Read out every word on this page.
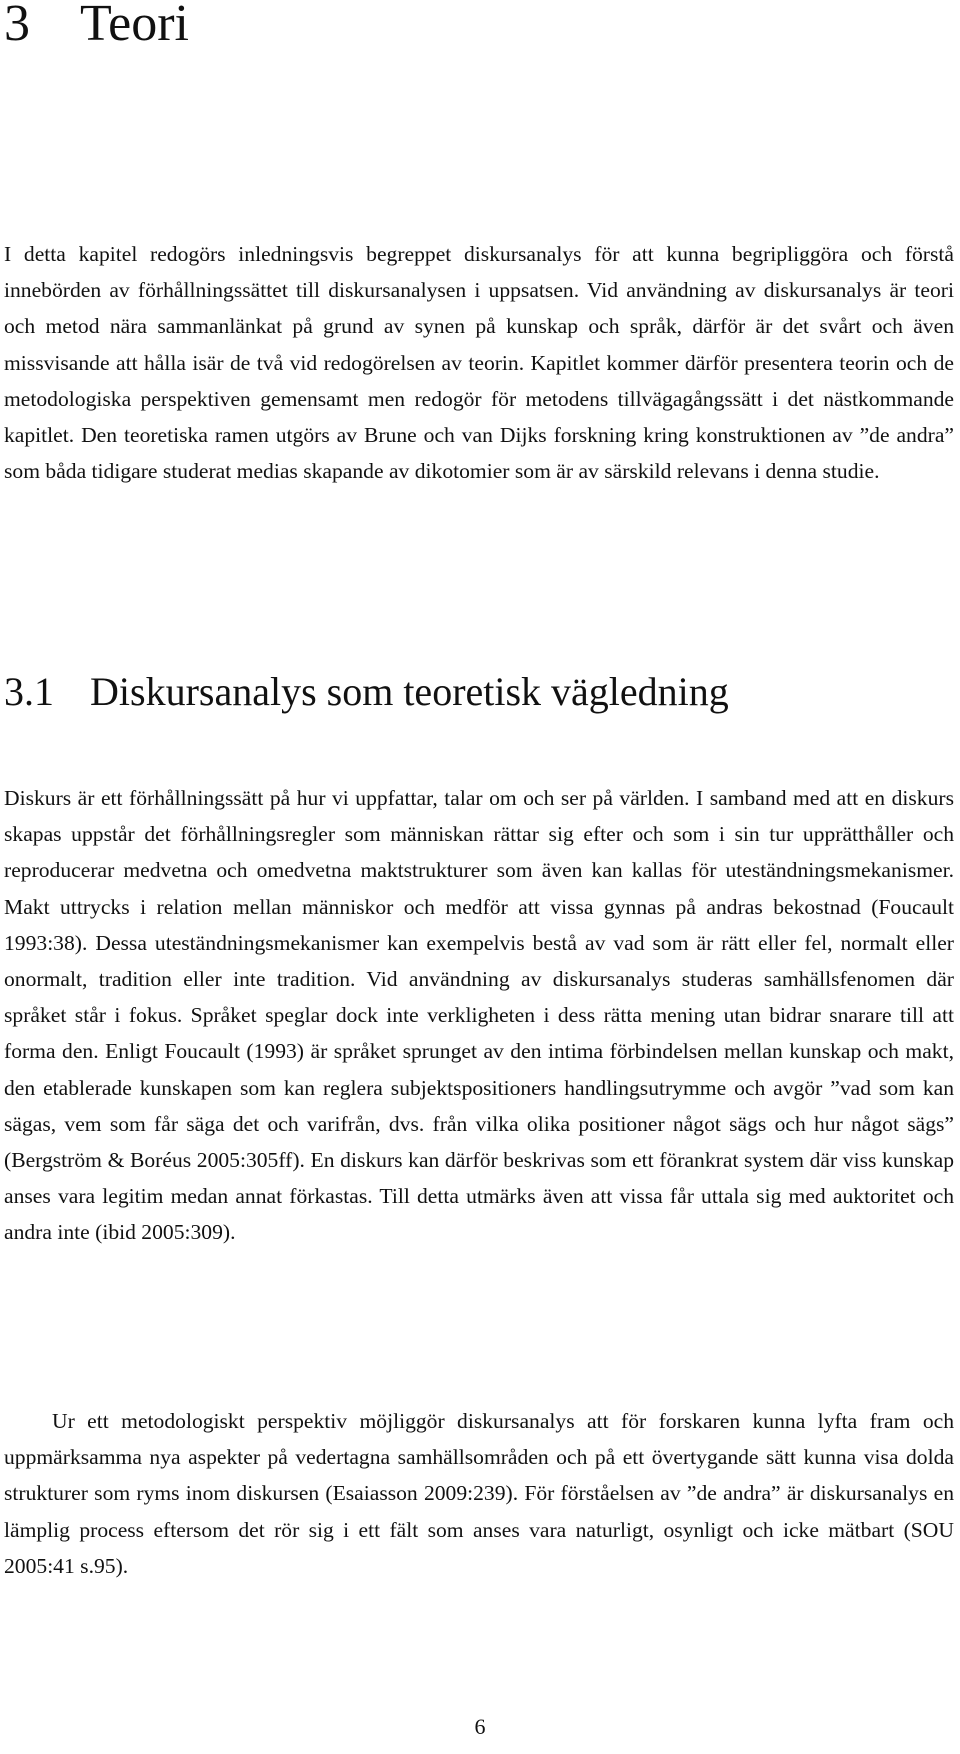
3 Teori

I detta kapitel redogörs inledningsvis begreppet diskursanalys för att kunna begripliggöra och förstå innebörden av förhållningssättet till diskursanalysen i uppsatsen. Vid användning av diskursanalys är teori och metod nära sammanlänkat på grund av synen på kunskap och språk, därför är det svårt och även missvisande att hålla isär de två vid redogörelsen av teorin. Kapitlet kommer därför presentera teorin och de metodologiska perspektiven gemensamt men redogör för metodens tillvägagångssätt i det nästkommande kapitlet. Den teoretiska ramen utgörs av Brune och van Dijks forskning kring konstruktionen av ”de andra” som båda tidigare studerat medias skapande av dikotomier som är av särskild relevans i denna studie.

3.1 Diskursanalys som teoretisk vägledning

Diskurs är ett förhållningssätt på hur vi uppfattar, talar om och ser på världen. I samband med att en diskurs skapas uppstår det förhållningsregler som människan rättar sig efter och som i sin tur upprätthåller och reproducerar medvetna och omedvetna maktstrukturer som även kan kallas för uteständningsmekanismer. Makt uttrycks i relation mellan människor och medför att vissa gynnas på andras bekostnad (Foucault 1993:38). Dessa uteständningsmekanismer kan exempelvis bestå av vad som är rätt eller fel, normalt eller onormalt, tradition eller inte tradition. Vid användning av diskursanalys studeras samhällsfenomen där språket står i fokus. Språket speglar dock inte verkligheten i dess rätta mening utan bidrar snarare till att forma den. Enligt Foucault (1993) är språket sprunget av den intima förbindelsen mellan kunskap och makt, den etablerade kunskapen som kan reglera subjektspositioners handlingsutrymme och avgör ”vad som kan sägas, vem som får säga det och varifrån, dvs. från vilka olika positioner något sägs och hur något sägs” (Bergström & Boréus 2005:305ff). En diskurs kan därför beskrivas som ett förankrat system där viss kunskap anses vara legitim medan annat förkastas. Till detta utmärks även att vissa får uttala sig med auktoritet och andra inte (ibid 2005:309).

Ur ett metodologiskt perspektiv möjliggör diskursanalys att för forskaren kunna lyfta fram och uppmärksamma nya aspekter på vedertagna samhällsområden och på ett övertygande sätt kunna visa dolda strukturer som ryms inom diskursen (Esaiasson 2009:239). För förståelsen av ”de andra” är diskursanalys en lämplig process eftersom det rör sig i ett fält som anses vara naturligt, osynligt och icke mätbart (SOU 2005:41 s.95).

6
